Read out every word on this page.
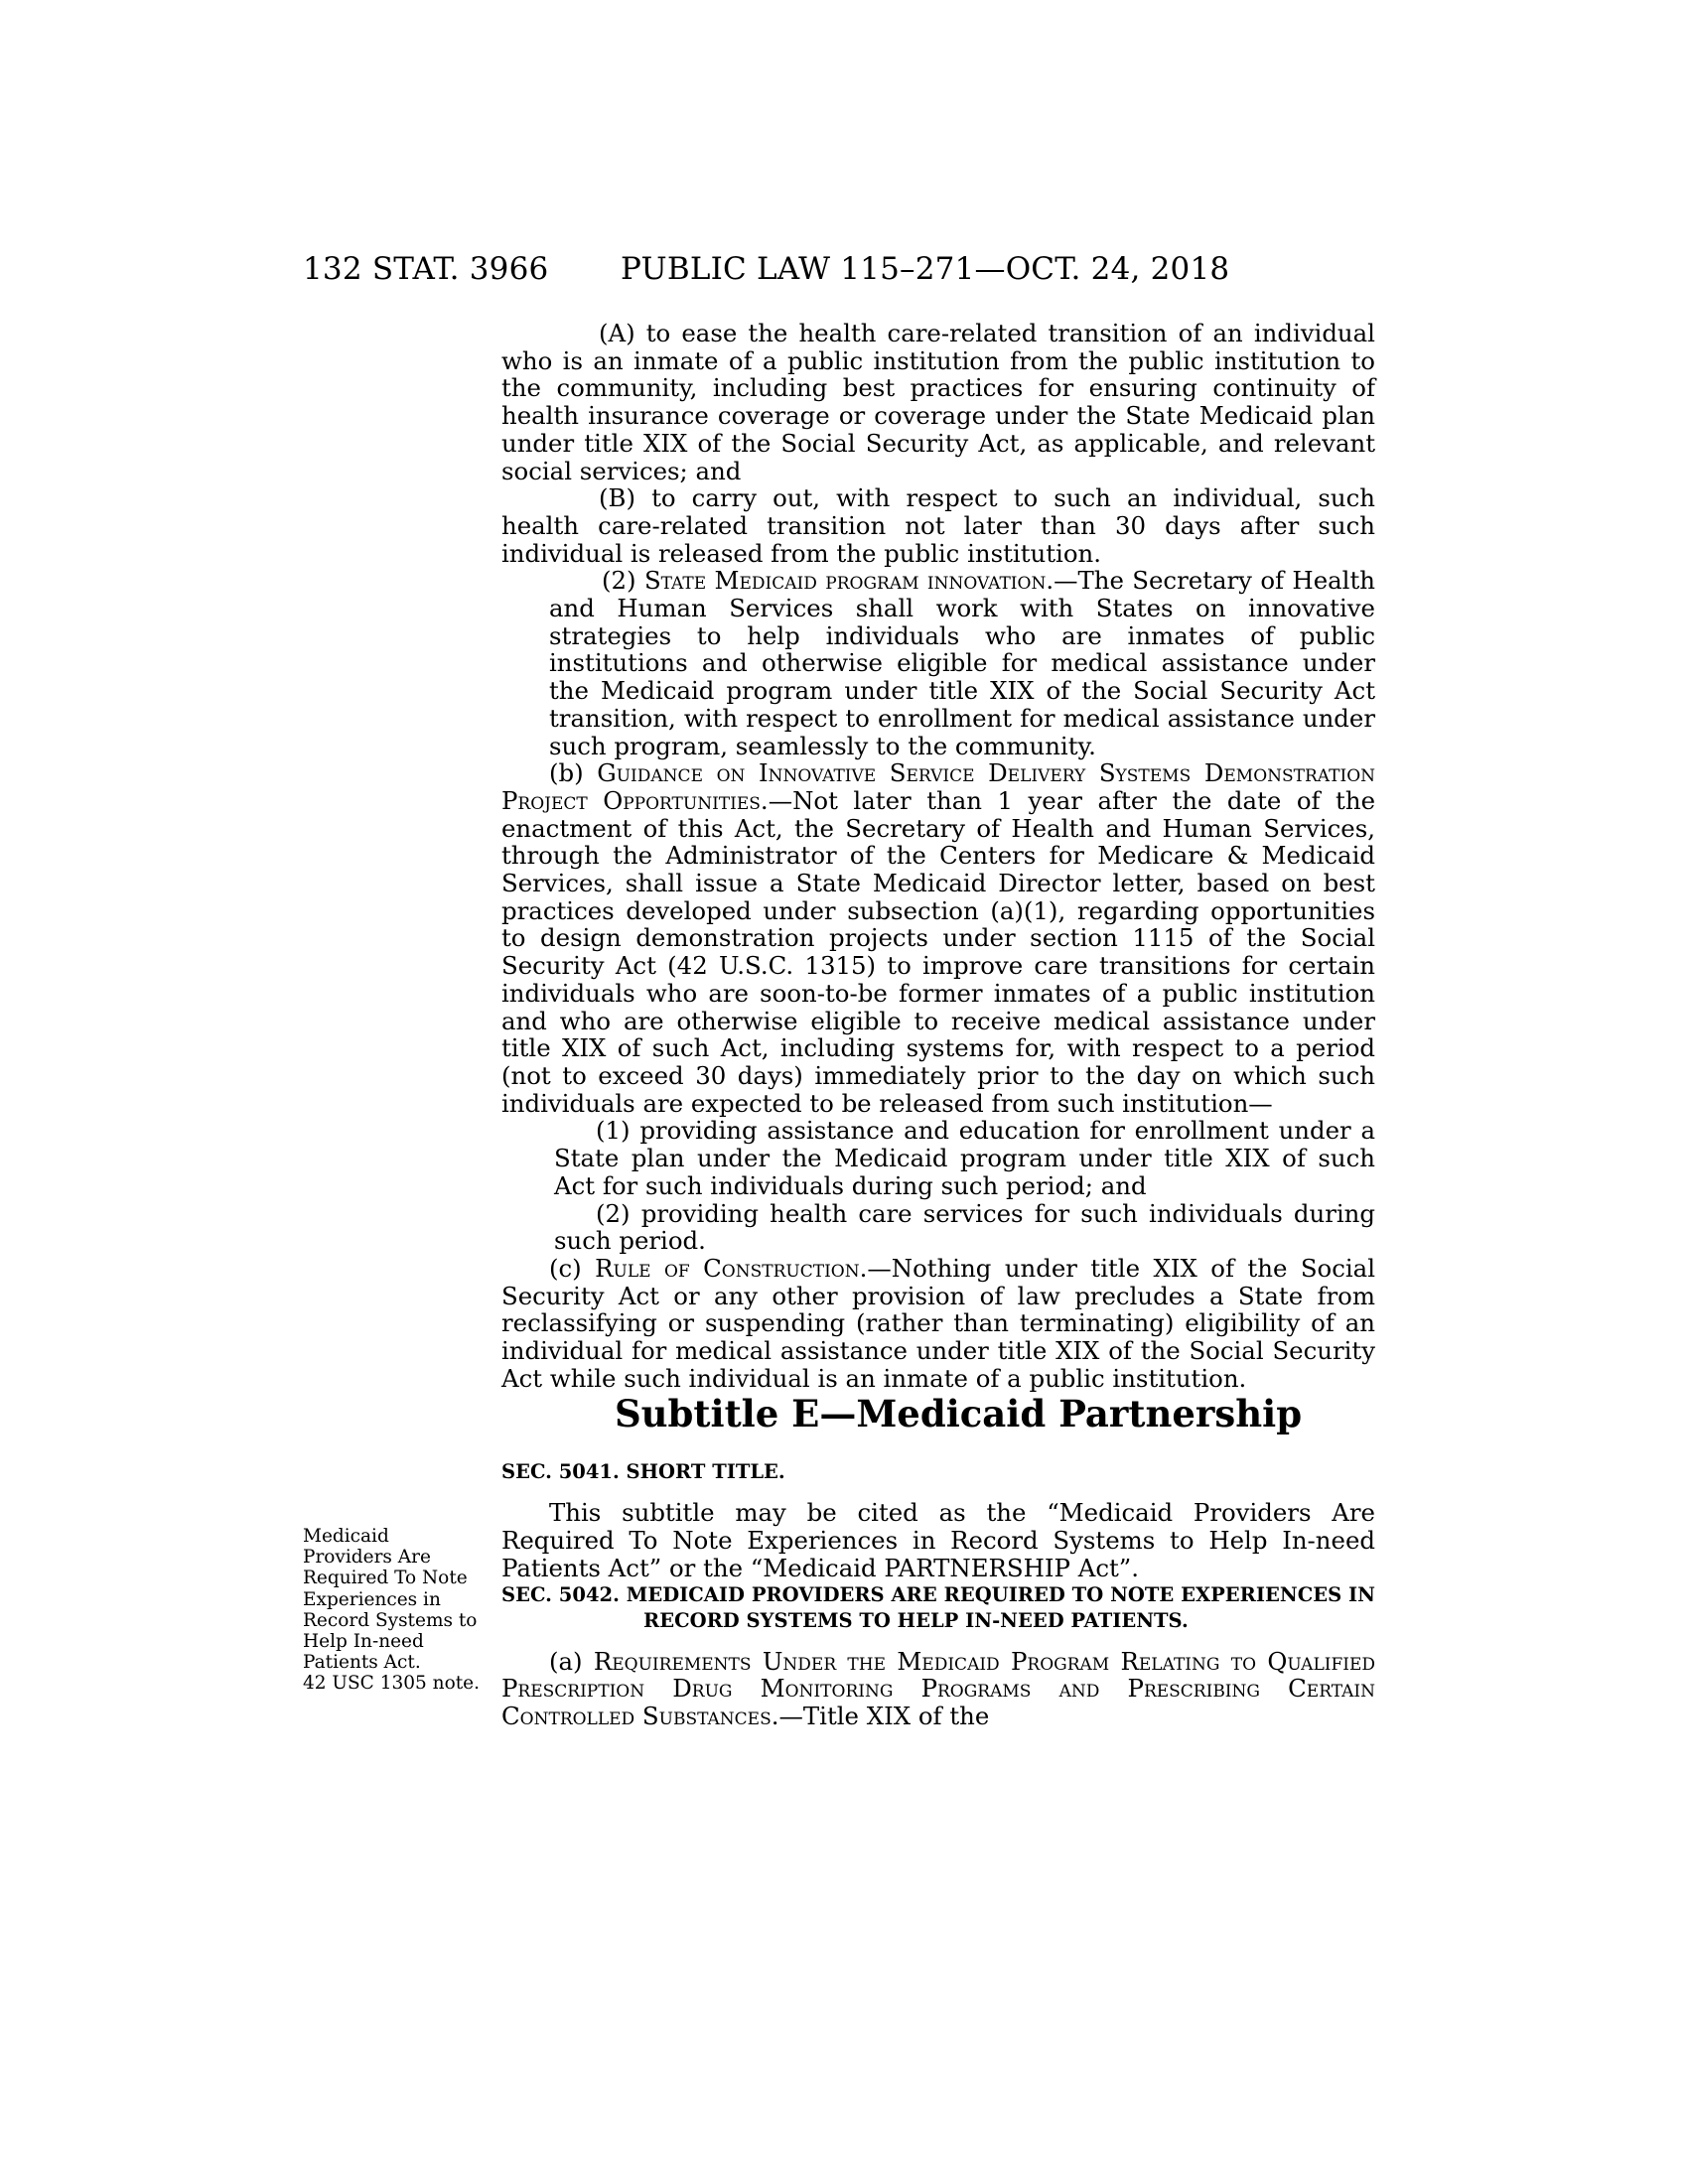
132 STAT. 3966 PUBLIC LAW 115–271—OCT. 24, 2018
Medicaid Providers Are Required To Note Experiences in Record Systems to Help In-need Patients Act.
42 USC 1305 note.

(A) to ease the health care-related transition of an individual who is an inmate of a public institution from the public institution to the community, including best practices for ensuring continuity of health insurance coverage or coverage under the State Medicaid plan under title XIX of the Social Security Act, as applicable, and relevant social services; and

(B) to carry out, with respect to such an individual, such health care-related transition not later than 30 days after such individual is released from the public institution.

(2) State Medicaid program innovation.—The Secretary of Health and Human Services shall work with States on innovative strategies to help individuals who are inmates of public institutions and otherwise eligible for medical assistance under the Medicaid program under title XIX of the Social Security Act transition, with respect to enrollment for medical assistance under such program, seamlessly to the community.

(b) Guidance on Innovative Service Delivery Systems Demonstration Project Opportunities.—Not later than 1 year after the date of the enactment of this Act, the Secretary of Health and Human Services, through the Administrator of the Centers for Medicare & Medicaid Services, shall issue a State Medicaid Director letter, based on best practices developed under subsection (a)(1), regarding opportunities to design demonstration projects under section 1115 of the Social Security Act (42 U.S.C. 1315) to improve care transitions for certain individuals who are soon-to-be former inmates of a public institution and who are otherwise eligible to receive medical assistance under title XIX of such Act, including systems for, with respect to a period (not to exceed 30 days) immediately prior to the day on which such individuals are expected to be released from such institution—

(1) providing assistance and education for enrollment under a State plan under the Medicaid program under title XIX of such Act for such individuals during such period; and

(2) providing health care services for such individuals during such period.

(c) Rule of Construction.—Nothing under title XIX of the Social Security Act or any other provision of law precludes a State from reclassifying or suspending (rather than terminating) eligibility of an individual for medical assistance under title XIX of the Social Security Act while such individual is an inmate of a public institution.

Subtitle E—Medicaid Partnership

SEC. 5041. SHORT TITLE.

This subtitle may be cited as the “Medicaid Providers Are Required To Note Experiences in Record Systems to Help In-need Patients Act” or the “Medicaid PARTNERSHIP Act”.

SEC. 5042. MEDICAID PROVIDERS ARE REQUIRED TO NOTE EXPERIENCES IN RECORD SYSTEMS TO HELP IN-NEED PATIENTS.

(a) Requirements Under the Medicaid Program Relating to Qualified Prescription Drug Monitoring Programs and Prescribing Certain Controlled Substances.—Title XIX of the
